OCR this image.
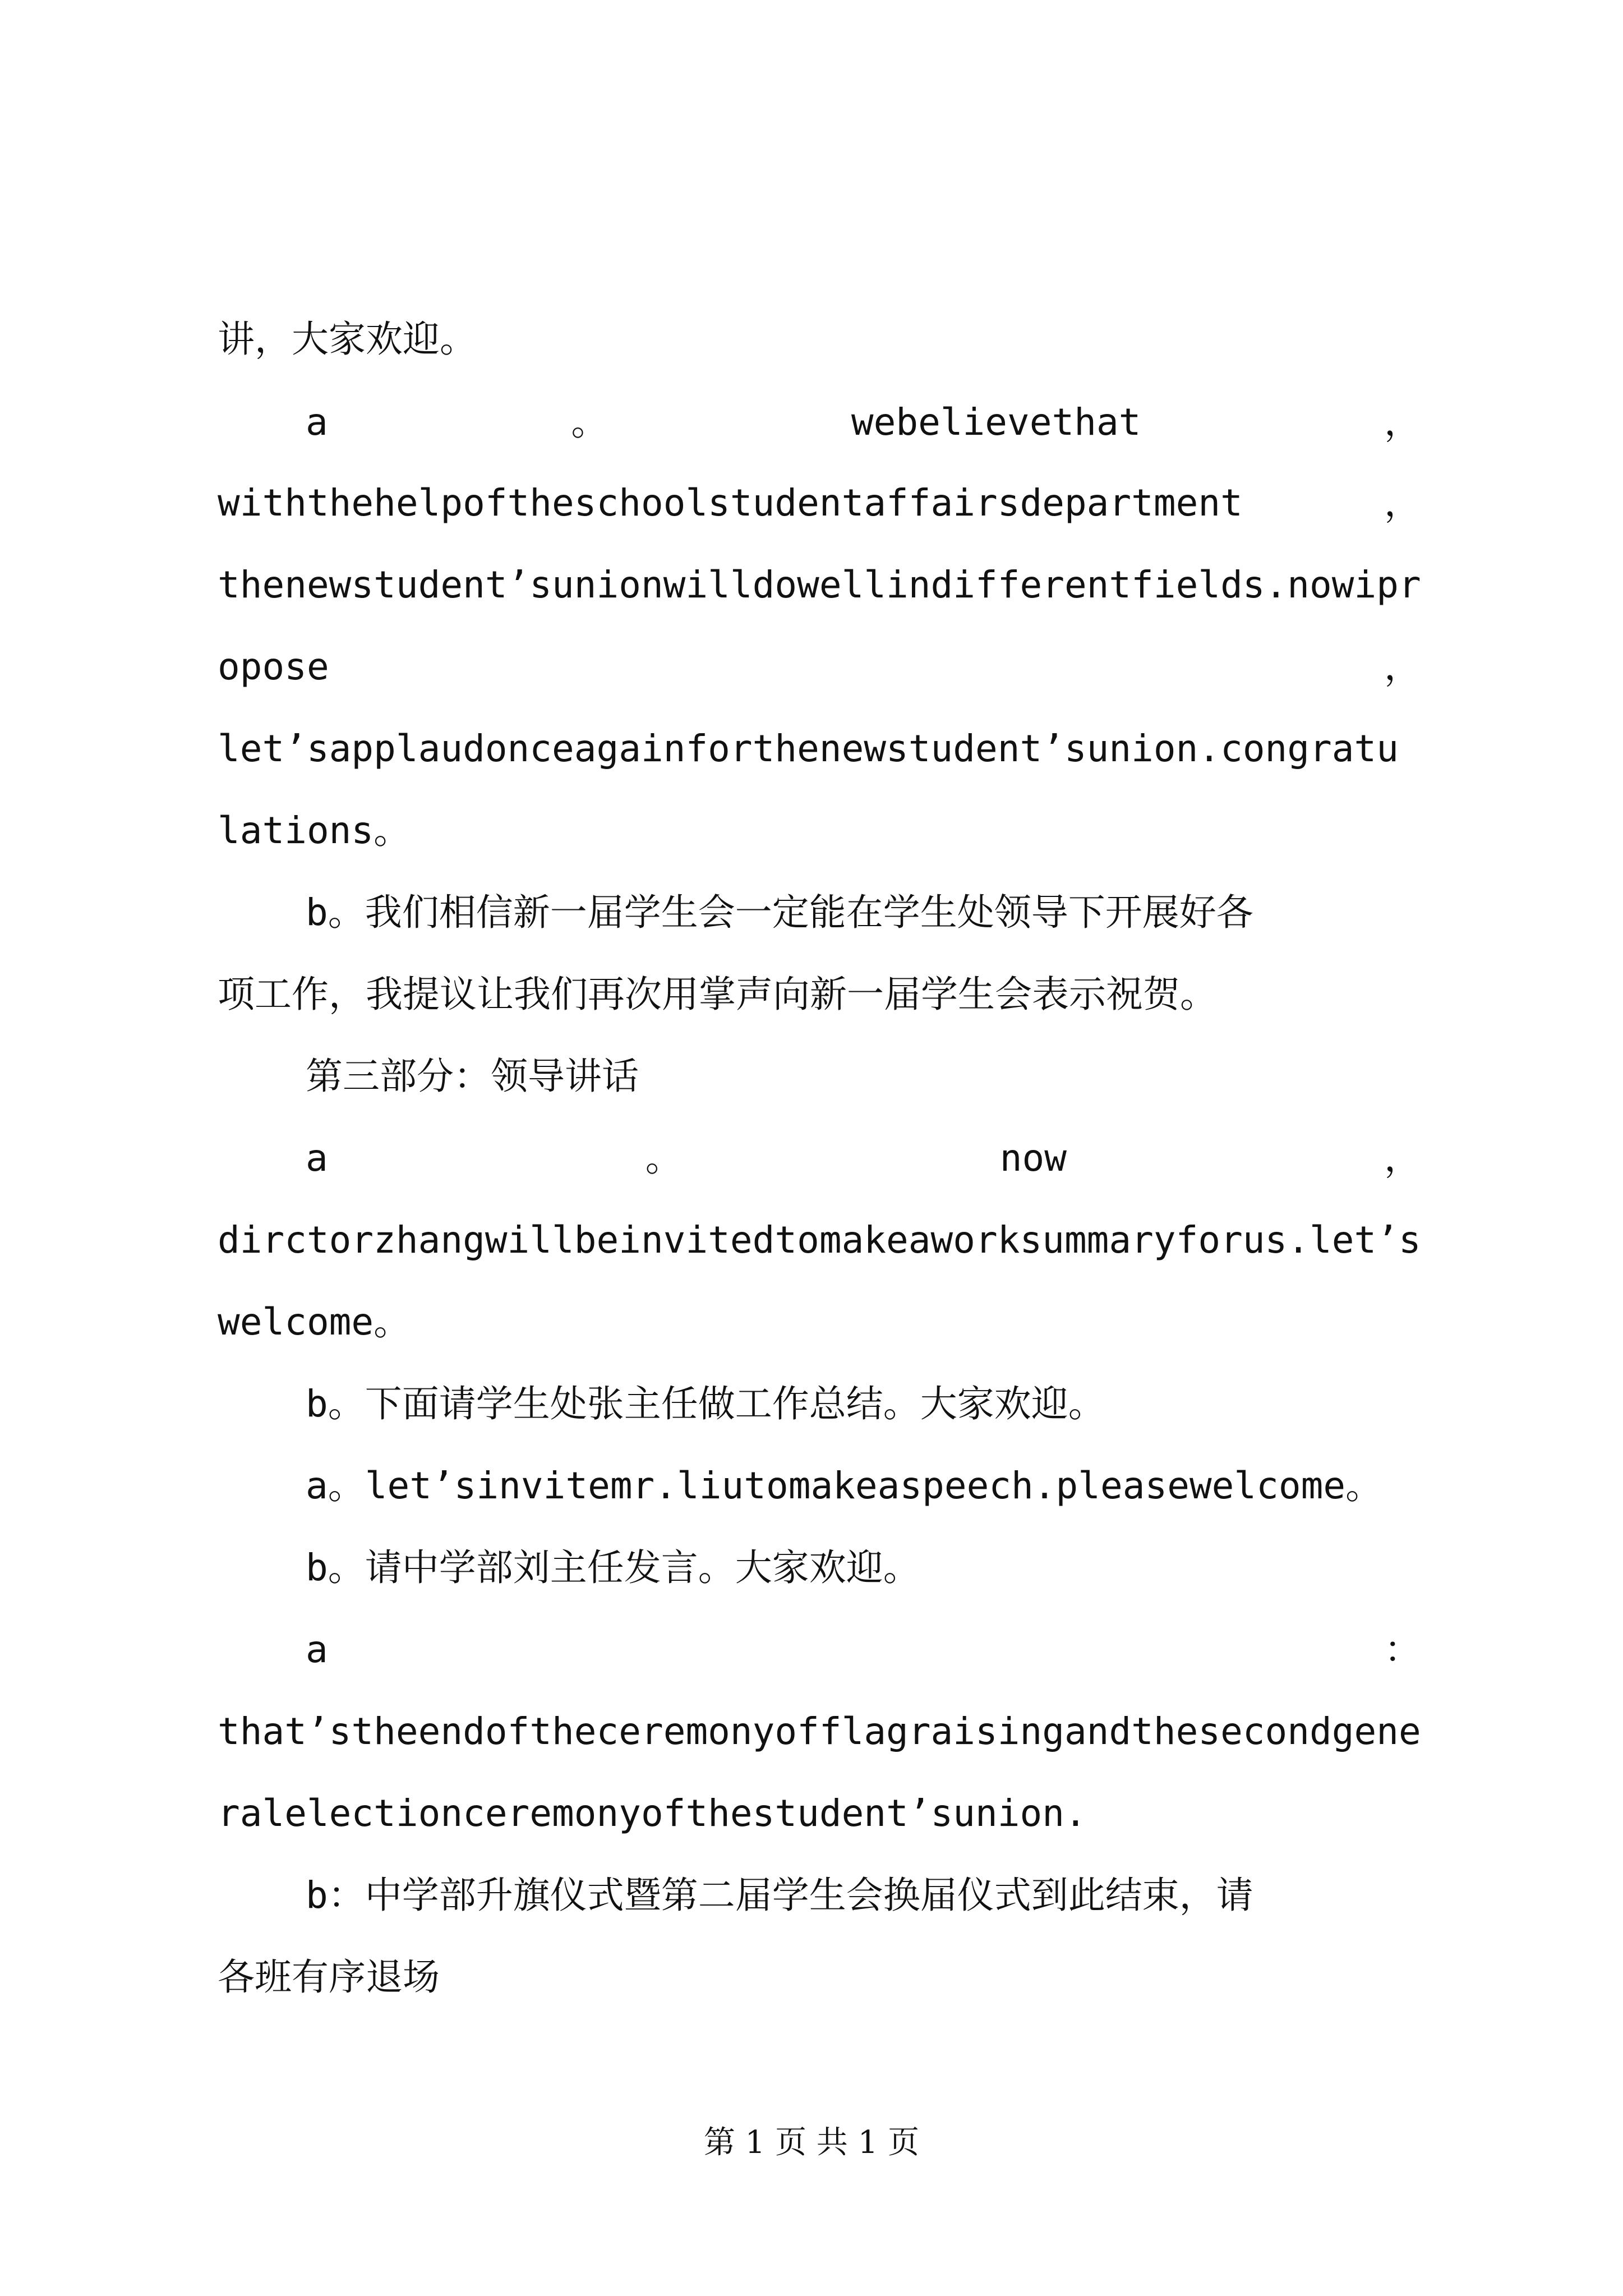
讲，大家欢迎。
a	。	webelievethat	，
withthehelpoftheschoolstudentaffairsdepartment	，
thenewstudent’sunionwilldowellindifferentfields.nowipr
opose	，
let’sapplaudonceagainforthenewstudent’sunion.congratu
lations。
b。我们相信新一届学生会一定能在学生处领导下开展好各
项工作，我提议让我们再次用掌声向新一届学生会表示祝贺。
第三部分：领导讲话
a	。	now	，
dirctorzhangwillbeinvitedtomakeaworksummaryforus.let’s
welcome。
b。下面请学生处张主任做工作总结。大家欢迎。
a。let’sinvitemr.liutomakeaspeech.pleasewelcome。
b。请中学部刘主任发言。大家欢迎。
a	：
that’stheendoftheceremonyofflagraisingandthesecondgene
ralelectionceremonyofthestudent’sunion.
b：中学部升旗仪式暨第二届学生会换届仪式到此结束，请
各班有序退场
第 1 页 共 1 页
